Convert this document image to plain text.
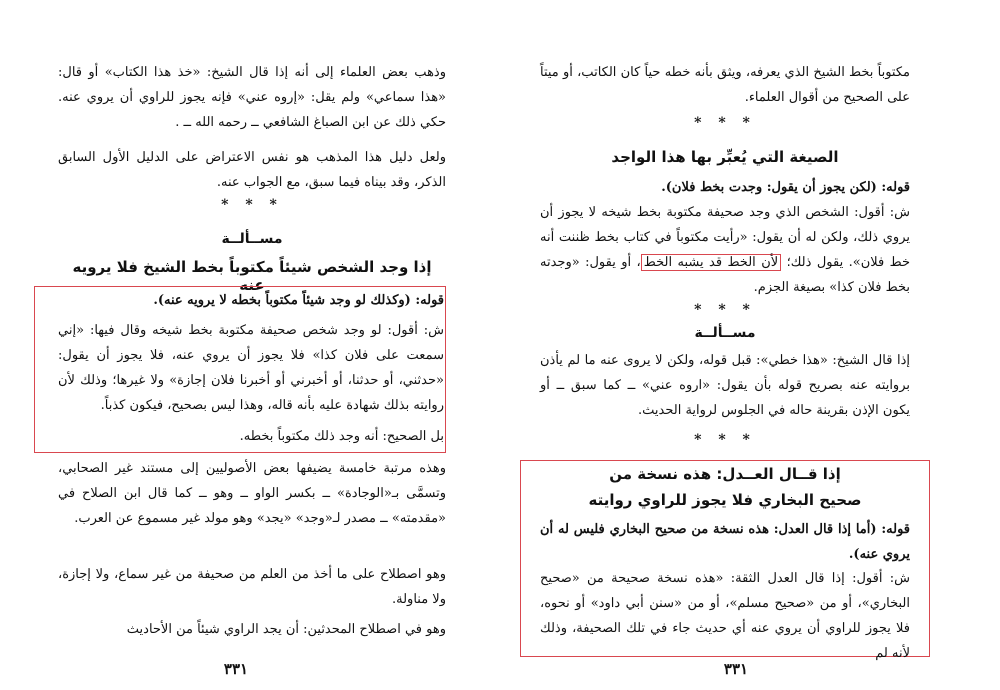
وذهب بعض العلماء إلى أنه إذا قال الشيخ: «خذ هذا الكتاب» أو قال: «هذا سماعي» ولم يقل: «إروه عني» فإنه يجوز للراوي أن يروي عنه. حكي ذلك عن ابن الصباغ الشافعي ــ رحمه الله ــ .

ولعل دليل هذا المذهب هو نفس الاعتراض على الدليل الأول السابق الذكر، وقد بيناه فيما سبق، مع الجواب عنه.

* * *
مســألــة
إذا وجد الشخص شيئاً مكتوباً بخط الشيخ فلا يرويه عنه

قوله: (وكذلك لو وجد شيئاً مكتوباً بخطه لا يرويه عنه).

ش: أقول: لو وجد شخص صحيفة مكتوبة بخط شيخه وقال فيها: «إني سمعت على فلان كذا» فلا يجوز أن يروي عنه، فلا يجوز أن يقول: «حدثني، أو حدثنا، أو أخبرني أو أخبرنا فلان إجازة» ولا غيرها؛ وذلك لأن روايته بذلك شهادة عليه بأنه قاله، وهذا ليس بصحيح، فيكون كذباً.

بل الصحيح: أنه وجد ذلك مكتوباً بخطه.

وهذه مرتبة خامسة يضيفها بعض الأصوليين إلى مستند غير الصحابي، وتسمَّى بـ«الوجادة» ــ بكسر الواو ــ وهو ــ كما قال ابن الصلاح في «مقدمته» ــ مصدر لـ«وجد» «يجد» وهو مولد غير مسموع عن العرب.

وهو اصطلاح على ما أخذ من العلم من صحيفة من غير سماع، ولا إجازة، ولا مناولة.

وهو في اصطلاح المحدثين: أن يجد الراوي شيئاً من الأحاديث

٣٣١

مكتوباً بخط الشيخ الذي يعرفه، ويثق بأنه خطه حياً كان الكاتب، أو ميتاً على الصحيح من أقوال العلماء.

* * *
الصيغة التي يُعبِّر بها هذا الواجد

قوله: (لكن يجوز أن يقول: وجدت بخط فلان).

ش: أقول: الشخص الذي وجد صحيفة مكتوبة بخط شيخه لا يجوز أن يروي ذلك، ولكن له أن يقول: «رأيت مكتوباً في كتاب بخط ظننت أنه خط فلان». يقول ذلك؛ لأن الخط قد يشبه الخط، أو يقول: «وجدته بخط فلان كذا» بصيغة الجزم.

* * *
مســألــة

إذا قال الشيخ: «هذا خطي»: قبل قوله، ولكن لا يروى عنه ما لم يأذن بروايته عنه بصريح قوله بأن يقول: «اروه عني» ــ كما سبق ــ أو يكون الإذن بقرينة حاله في الجلوس لرواية الحديث.

* * *
إذا قــال العــدل: هذه نسخة من
صحيح البخاري فلا يجوز للراوي روايته

قوله: (أما إذا قال العدل: هذه نسخة من صحيح البخاري فليس له أن يروي عنه).

ش: أقول: إذا قال العدل الثقة: «هذه نسخة صحيحة من «صحيح البخاري»، أو من «صحيح مسلم»، أو من «سنن أبي داود» أو نحوه، فلا يجوز للراوي أن يروي عنه أي حديث جاء في تلك الصحيفة، وذلك لأنه لم

٣٣١
